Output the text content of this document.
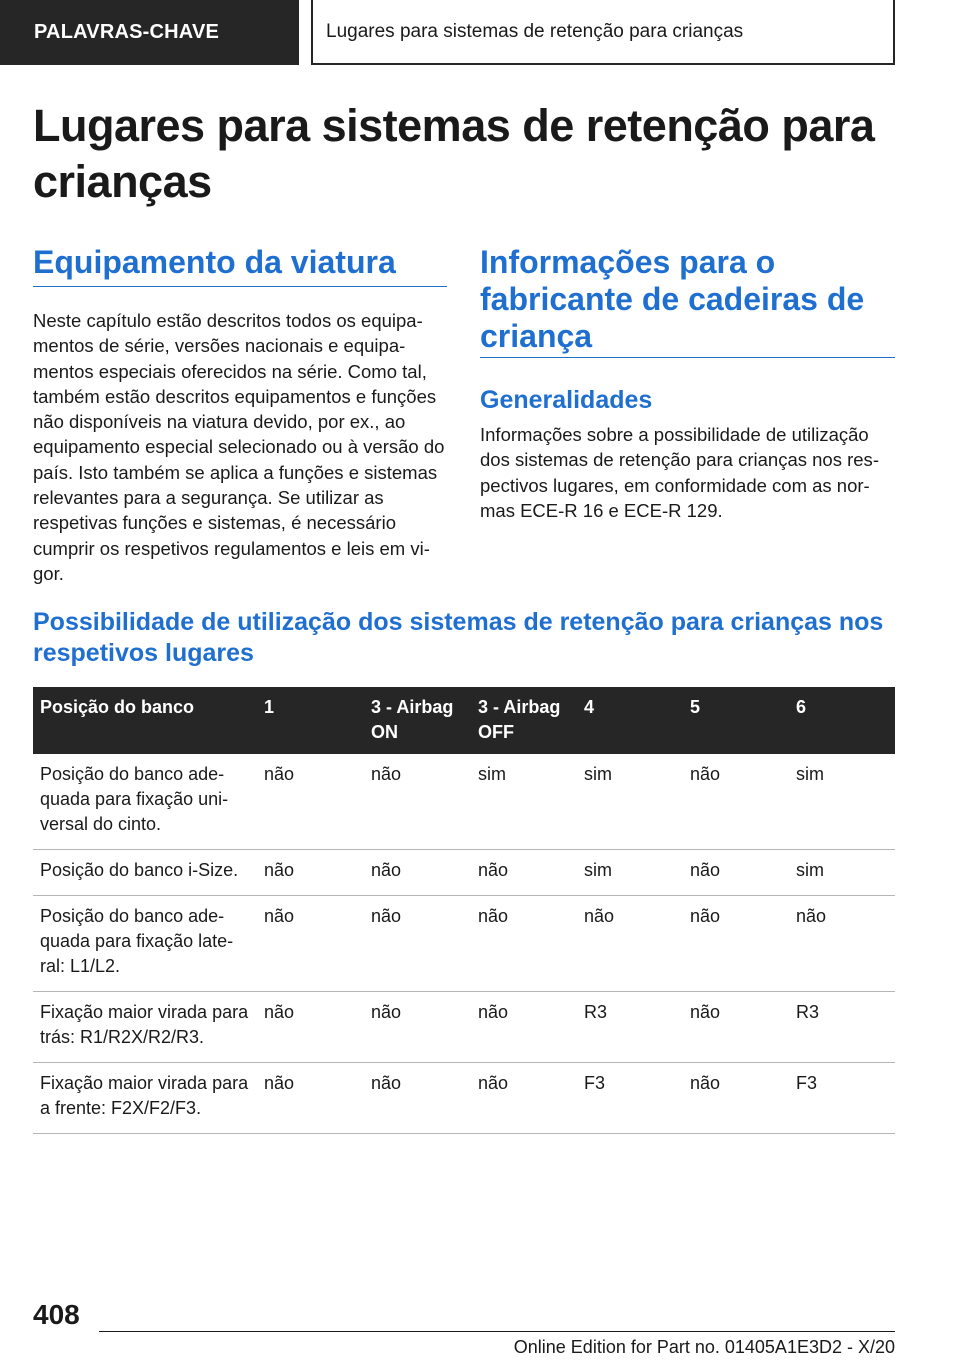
PALAVRAS-CHAVE	Lugares para sistemas de retenção para crianças
Lugares para sistemas de retenção para crianças
Equipamento da viatura

Neste capítulo estão descritos todos os equipamentos de série, versões nacionais e equipamentos especiais oferecidos na série. Como tal, também estão descritos equipamentos e funções não disponíveis na viatura devido, por ex., ao equipamento especial selecionado ou à versão do país. Isto também se aplica a funções e sistemas relevantes para a segurança. Se utilizar as respetivas funções e sistemas, é necessário cumprir os respetivos regulamentos e leis em vigor.

Informações para o fabricante de cadeiras de criança
Generalidades

Informações sobre a possibilidade de utilização dos sistemas de retenção para crianças nos respectivos lugares, em conformidade com as normas ECE-R 16 e ECE-R 129.

Possibilidade de utilização dos sistemas de retenção para crianças nos respetivos lugares
Posição do banco	1	3 - Airbag ON	3 - Airbag OFF	4	5	6
Posição do banco adequada para fixação universal do cinto.	não	não	sim	sim	não	sim
Posição do banco i-Size.	não	não	não	sim	não	sim
Posição do banco adequada para fixação lateral: L1/L2.	não	não	não	não	não	não
Fixação maior virada para trás: R1/R2X/R2/R3.	não	não	não	R3	não	R3
Fixação maior virada para a frente: F2X/F2/F3.	não	não	não	F3	não	F3
408
Online Edition for Part no. 01405A1E3D2 - X/20
